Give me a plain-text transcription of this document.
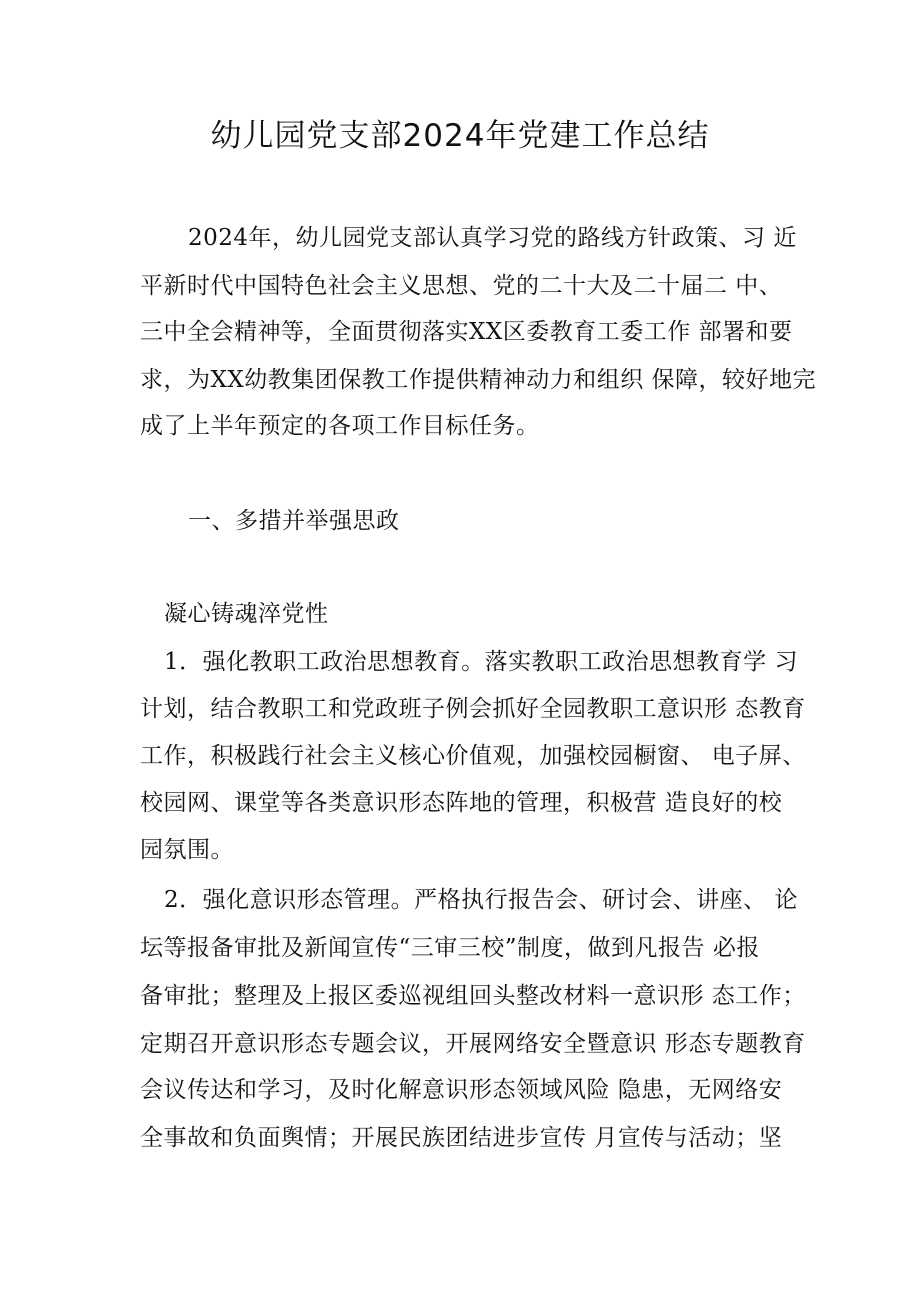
幼儿园党支部2024年党建工作总结
2024年，幼儿园党支部认真学习党的路线方针政策、习 近
平新时代中国特色社会主义思想、党的二十大及二十届二 中、
三中全会精神等，全面贯彻落实XX区委教育工委工作 部署和要
求，为XX幼教集团保教工作提供精神动力和组织 保障，较好地完
成了上半年预定的各项工作目标任务。
一、多措并举强思政
凝心铸魂淬党性
1．强化教职工政治思想教育。落实教职工政治思想教育学 习
计划，结合教职工和党政班子例会抓好全园教职工意识形 态教育
工作，积极践行社会主义核心价值观，加强校园橱窗、 电子屏、
校园网、课堂等各类意识形态阵地的管理，积极营 造良好的校
园氛围。
2．强化意识形态管理。严格执行报告会、研讨会、讲座、 论
坛等报备审批及新闻宣传“三审三校”制度，做到凡报告 必报
备审批；整理及上报区委巡视组回头整改材料一意识形 态工作；
定期召开意识形态专题会议，开展网络安全暨意识 形态专题教育
会议传达和学习，及时化解意识形态领域风险 隐患，无网络安
全事故和负面舆情；开展民族团结进步宣传 月宣传与活动；坚
